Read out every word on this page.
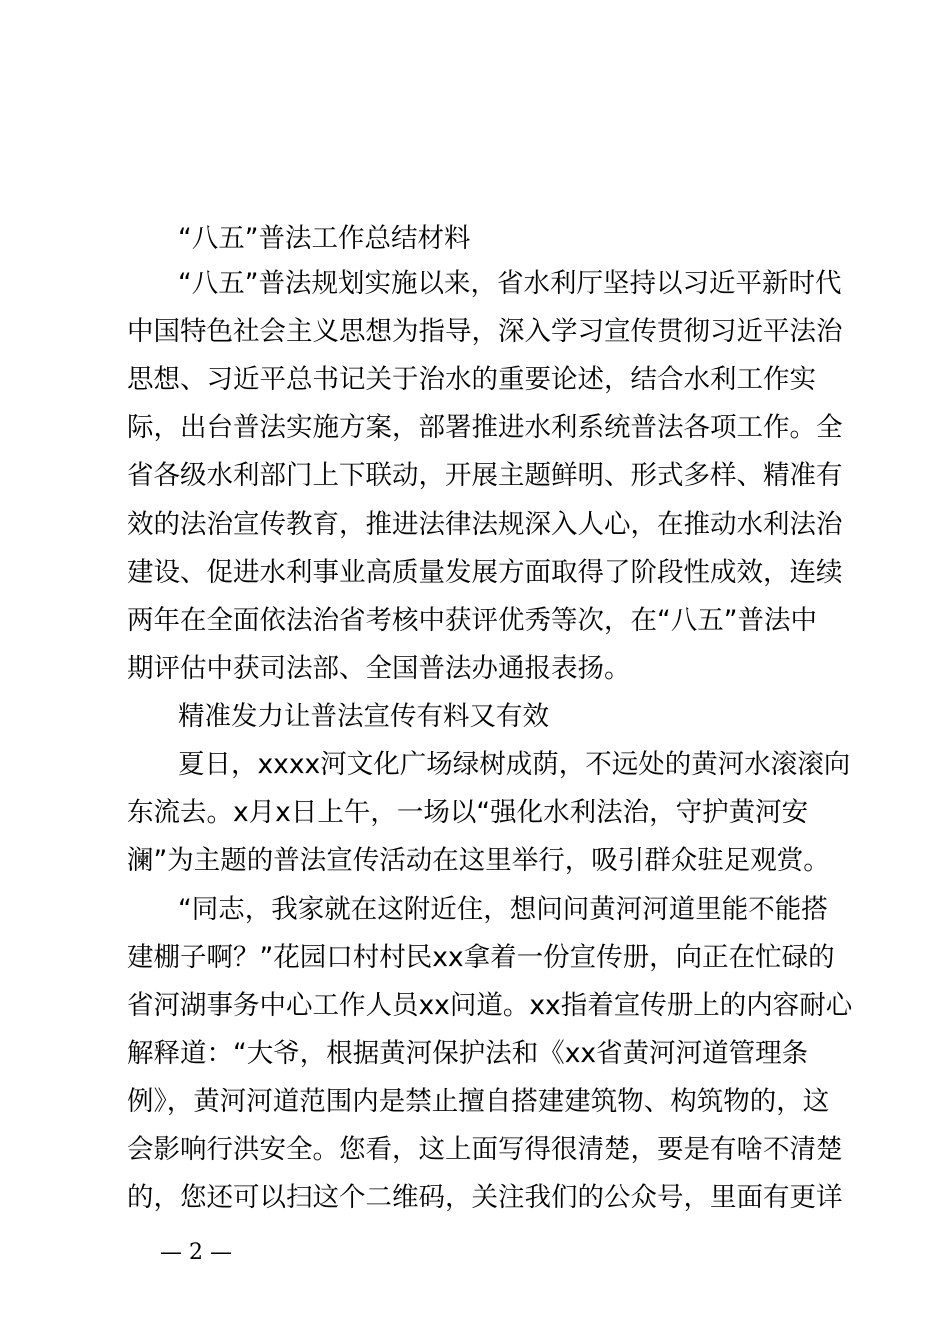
“八五”普法工作总结材料
“八五”普法规划实施以来，省水利厅坚持以习近平新时代
中国特色社会主义思想为指导，深入学习宣传贯彻习近平法治
思想、习近平总书记关于治水的重要论述，结合水利工作实
际，出台普法实施方案，部署推进水利系统普法各项工作。全
省各级水利部门上下联动，开展主题鲜明、形式多样、精准有
效的法治宣传教育，推进法律法规深入人心，在推动水利法治
建设、促进水利事业高质量发展方面取得了阶段性成效，连续
两年在全面依法治省考核中获评优秀等次，在“八五”普法中
期评估中获司法部、全国普法办通报表扬。
精准发力让普法宣传有料又有效
夏日，xxxx河文化广场绿树成荫，不远处的黄河水滚滚向
东流去。x月x日上午，一场以“强化水利法治，守护黄河安
澜”为主题的普法宣传活动在这里举行，吸引群众驻足观赏。
“同志，我家就在这附近住，想问问黄河河道里能不能搭
建棚子啊？”花园口村村民xx拿着一份宣传册，向正在忙碌的
省河湖事务中心工作人员xx问道。xx指着宣传册上的内容耐心
解释道：“大爷，根据黄河保护法和《xx省黄河河道管理条
例》，黄河河道范围内是禁止擅自搭建建筑物、构筑物的，这
会影响行洪安全。您看，这上面写得很清楚，要是有啥不清楚
的，您还可以扫这个二维码，关注我们的公众号，里面有更详
— 2 —
